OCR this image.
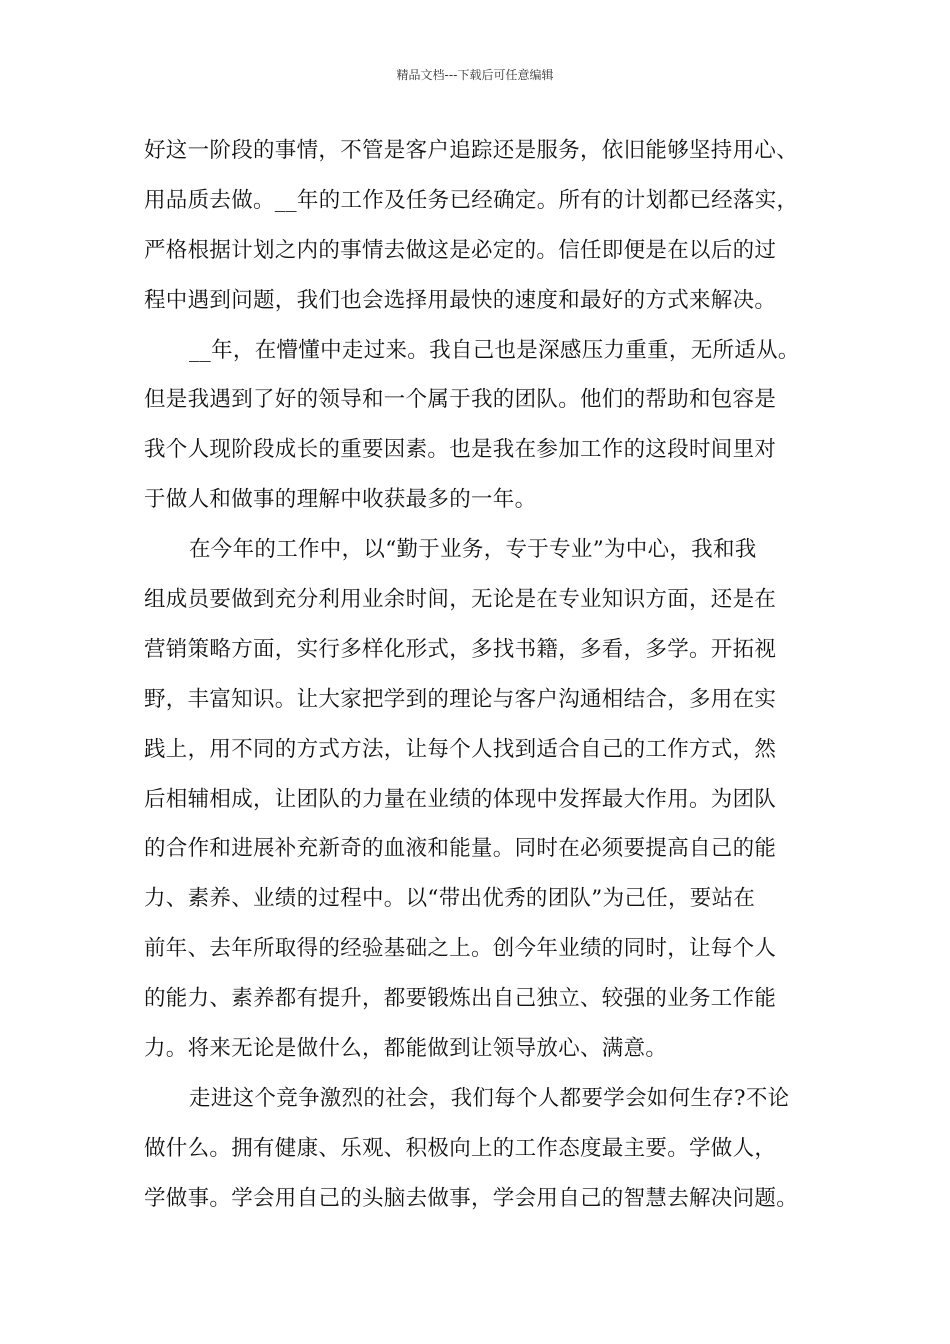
精品文档---下载后可任意编辑
好这一阶段的事情，不管是客户追踪还是服务，依旧能够坚持用心、
用品质去做。__年的工作及任务已经确定。所有的计划都已经落实，
严格根据计划之内的事情去做这是必定的。信任即便是在以后的过
程中遇到问题，我们也会选择用最快的速度和最好的方式来解决。
__年，在懵懂中走过来。我自己也是深感压力重重，无所适从。
但是我遇到了好的领导和一个属于我的团队。他们的帮助和包容是
我个人现阶段成长的重要因素。也是我在参加工作的这段时间里对
于做人和做事的理解中收获最多的一年。
在今年的工作中，以“勤于业务，专于专业”为中心，我和我
组成员要做到充分利用业余时间，无论是在专业知识方面，还是在
营销策略方面，实行多样化形式，多找书籍，多看，多学。开拓视
野，丰富知识。让大家把学到的理论与客户沟通相结合，多用在实
践上，用不同的方式方法，让每个人找到适合自己的工作方式，然
后相辅相成，让团队的力量在业绩的体现中发挥最大作用。为团队
的合作和进展补充新奇的血液和能量。同时在必须要提高自己的能
力、素养、业绩的过程中。以“带出优秀的团队”为己任，要站在
前年、去年所取得的经验基础之上。创今年业绩的同时，让每个人
的能力、素养都有提升，都要锻炼出自己独立、较强的业务工作能
力。将来无论是做什么，都能做到让领导放心、满意。
走进这个竞争激烈的社会，我们每个人都要学会如何生存?不论
做什么。拥有健康、乐观、积极向上的工作态度最主要。学做人，
学做事。学会用自己的头脑去做事，学会用自己的智慧去解决问题。
